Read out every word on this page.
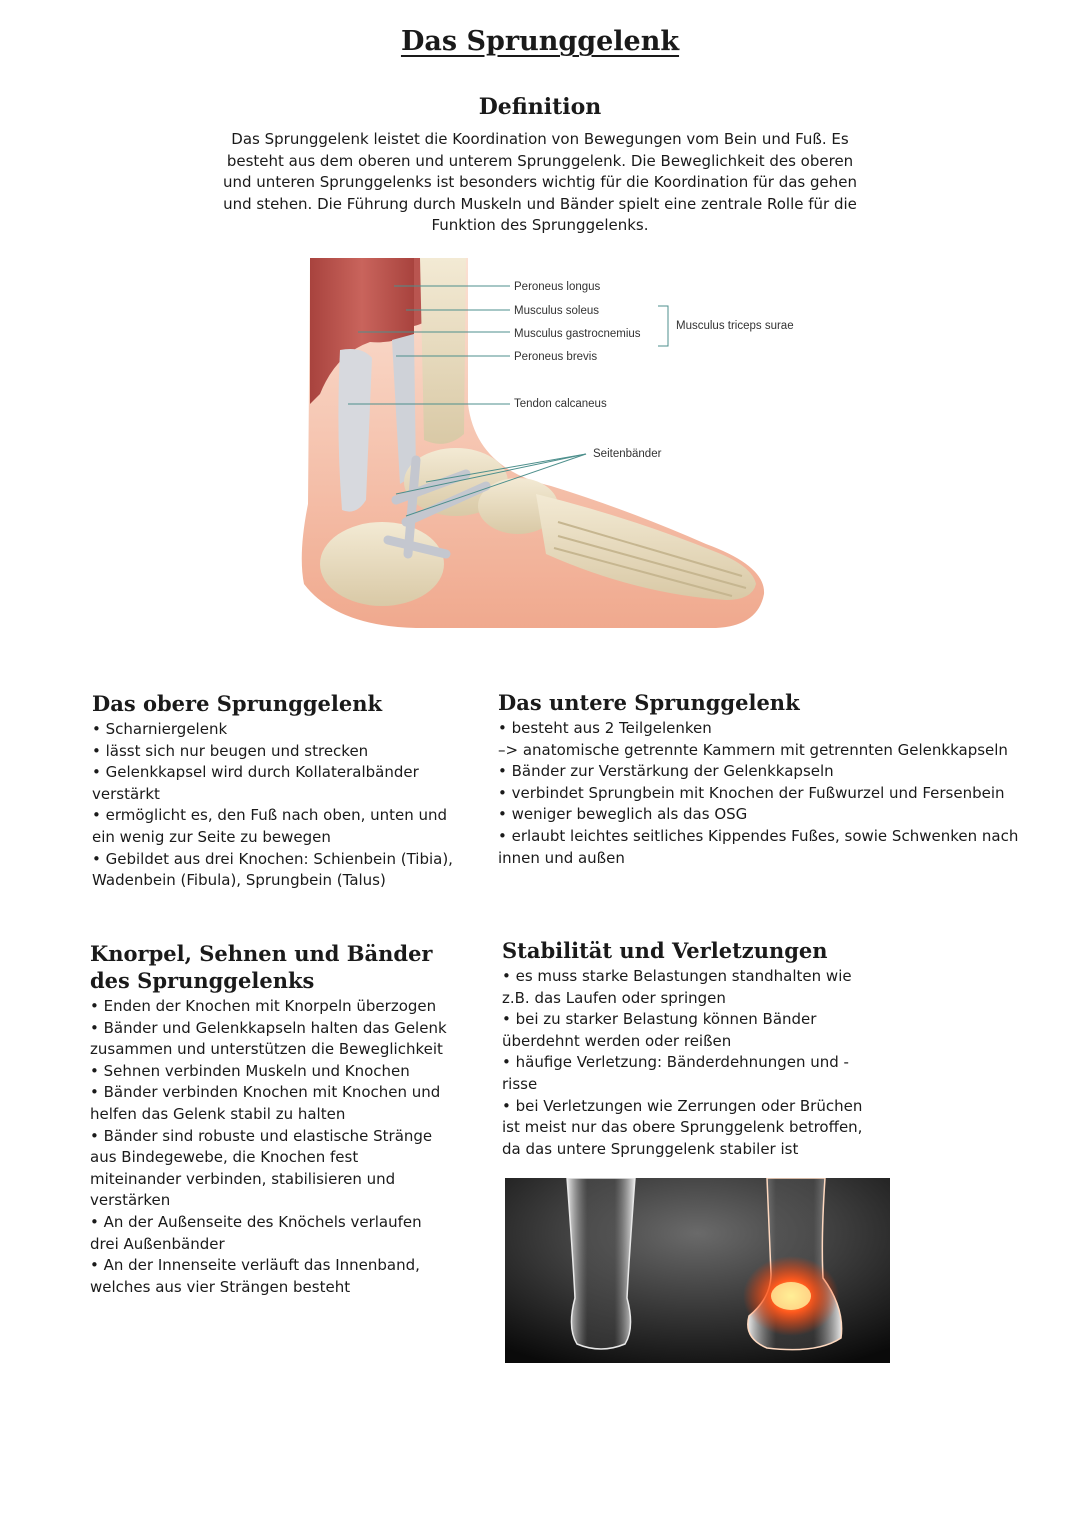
Das Sprunggelenk
Definition

Das Sprunggelenk leistet die Koordination von Bewegungen vom Bein und Fuß. Es besteht aus dem oberen und unterem Sprunggelenk. Die Beweglichkeit des oberen und unteren Sprunggelenks ist besonders wichtig für die Koordination für das gehen und stehen. Die Führung durch Muskeln und Bänder spielt eine zentrale Rolle für die Funktion des Sprunggelenks.

Peroneus longus
Musculus soleus
Musculus gastrocnemius
Peroneus brevis
Musculus triceps surae
Tendon calcaneus
Seitenbänder
Das obere Sprunggelenk
• Scharniergelenk
• lässt sich nur beugen und strecken
• Gelenkkapsel wird durch Kollateralbänder verstärkt
• ermöglicht es, den Fuß nach oben, unten und ein wenig zur Seite zu bewegen
• Gebildet aus drei Knochen: Schienbein (Tibia), Wadenbein (Fibula), Sprungbein (Talus)
Das untere Sprunggelenk
• besteht aus 2 Teilgelenken
–> anatomische getrennte Kammern mit getrennten Gelenkkapseln
• Bänder zur Verstärkung der Gelenkkapseln
• verbindet Sprungbein mit Knochen der Fußwurzel und Fersenbein
• weniger beweglich als das OSG
• erlaubt leichtes seitliches Kippendes Fußes, sowie Schwenken nach innen und außen
Knorpel, Sehnen und Bänder des Sprunggelenks
• Enden der Knochen mit Knorpeln überzogen
• Bänder und Gelenkkapseln halten das Gelenk zusammen und unterstützen die Beweglichkeit
• Sehnen verbinden Muskeln und Knochen
• Bänder verbinden Knochen mit Knochen und helfen das Gelenk stabil zu halten
• Bänder sind robuste und elastische Stränge aus Bindegewebe, die Knochen fest miteinander verbinden, stabilisieren und verstärken
• An der Außenseite des Knöchels verlaufen drei Außenbänder
• An der Innenseite verläuft das Innenband, welches aus vier Strängen besteht
Stabilität und Verletzungen
• es muss starke Belastungen standhalten wie z.B. das Laufen oder springen
• bei zu starker Belastung können Bänder überdehnt werden oder reißen
• häufige Verletzung: Bänderdehnungen und -risse
• bei Verletzungen wie Zerrungen oder Brüchen ist meist nur das obere Sprunggelenk betroffen, da das untere Sprunggelenk stabiler ist
